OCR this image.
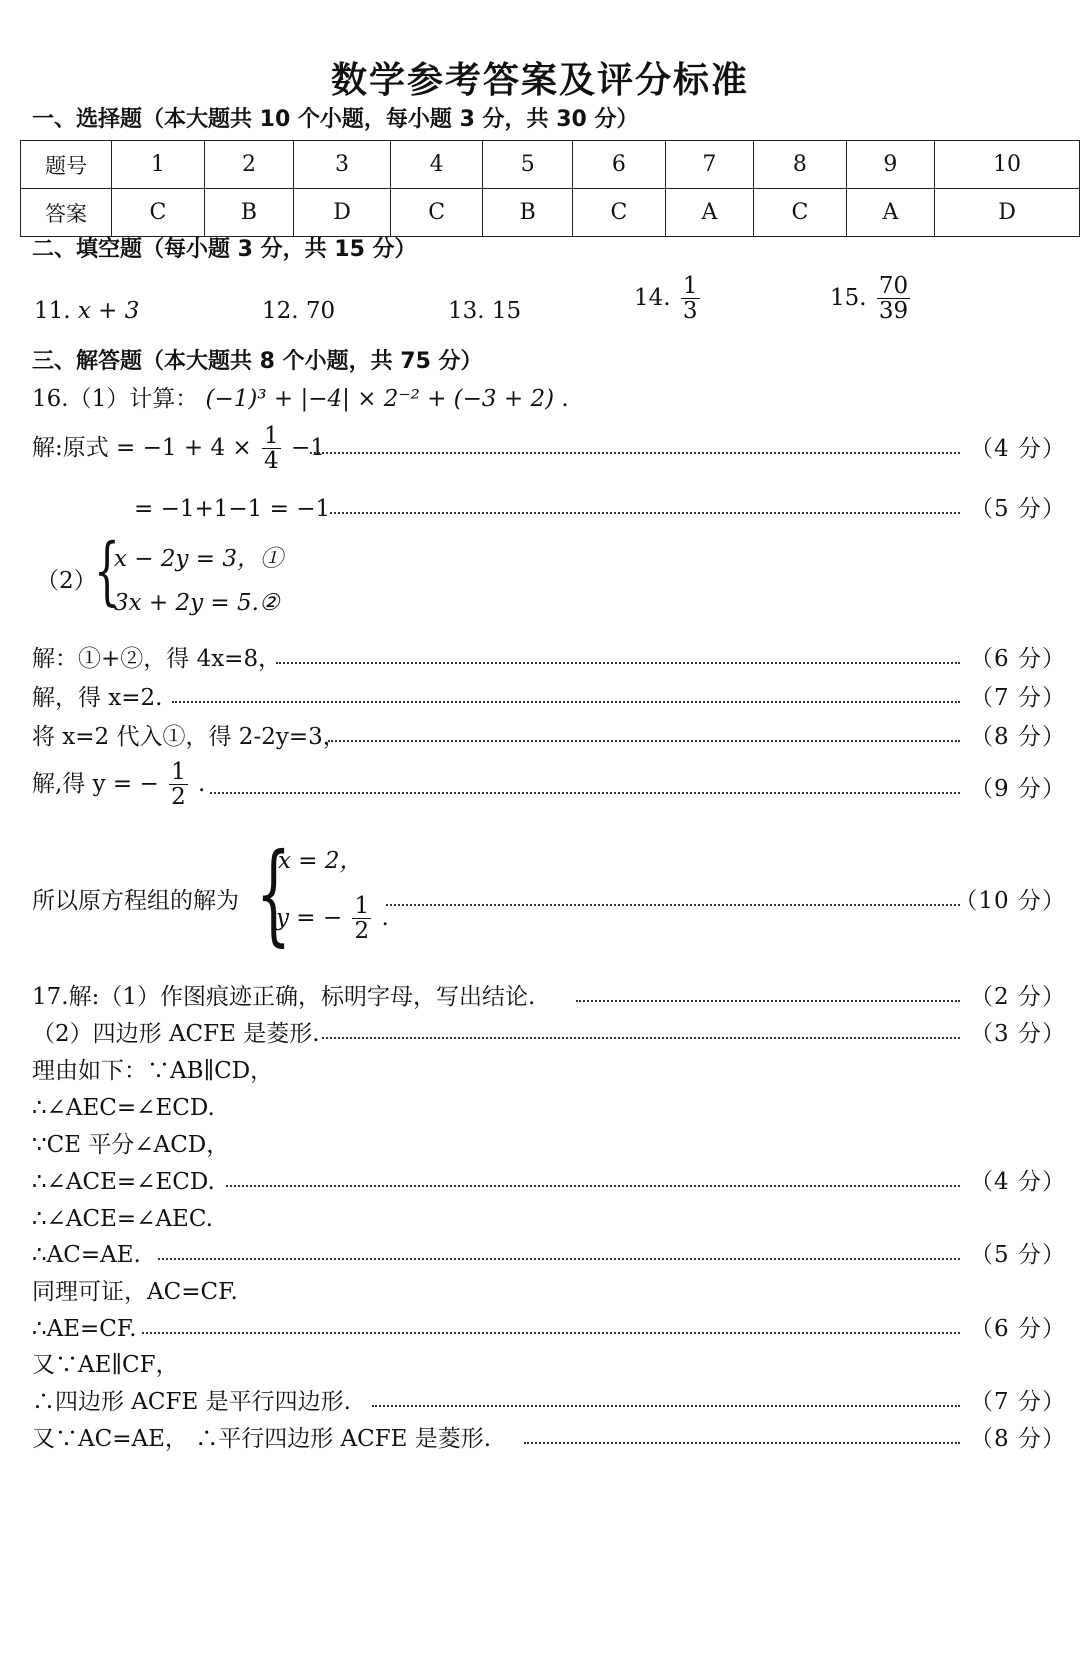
数学参考答案及评分标准
一、选择题（本大题共 10 个小题，每小题 3 分，共 30 分）
题号	1	2	3	4	5	6	7	8	9	10
答案	C	B	D	C	B	C	A	C	A	D
二、填空题（每小题 3 分，共 15 分）
11. x + 3	12. 70	13. 15	14. $\frac{1}{3}$	15. $\frac{70}{39}$
三、解答题（本大题共 8 个小题，共 75 分）
16.（1）计算： (−1)³ + |−4| × 2⁻² + (−3 + 2) .
解:原式 = $-1 + 4 \times \frac{1}{4} -1$	（4 分）
= −1+1−1 = −1	（5 分）
（2）
{
x − 2y = 3，①
3x + 2y = 5.②
解：①+②，得 4x=8，	（6 分）
解，得 x=2.	（7 分）
将 x=2 代入①，得 2-2y=3，	（8 分）
解,得 y = − $\frac{1}{2}$ .	（9 分）
所以原方程组的解为 {
x = 2，
y = − $\frac{1}{2}$ .
（10 分）
17.解:（1）作图痕迹正确，标明字母，写出结论.	（2 分）
（2）四边形 ACFE 是菱形.	（3 分）
理由如下：∵AB∥CD，
∴∠AEC=∠ECD.
∵CE 平分∠ACD，
∴∠ACE=∠ECD.	（4 分）
∴∠ACE=∠AEC.
∴AC=AE.	（5 分）
同理可证，AC=CF.
∴AE=CF.	（6 分）
又∵AE∥CF，
∴四边形 ACFE 是平行四边形.	（7 分）
又∵AC=AE， ∴平行四边形 ACFE 是菱形.	（8 分）
